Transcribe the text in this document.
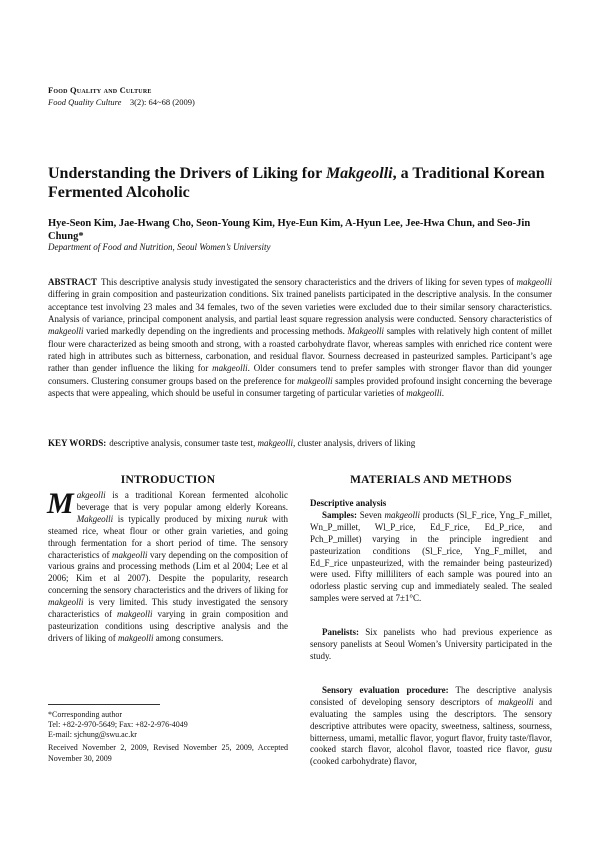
Food Quality and Culture
Food Quality Culture 3(2): 64~68 (2009)
Understanding the Drivers of Liking for Makgeolli, a Traditional Korean Fermented Alcoholic
Hye-Seon Kim, Jae-Hwang Cho, Seon-Young Kim, Hye-Eun Kim, A-Hyun Lee, Jee-Hwa Chun, and Seo-Jin Chung*
Department of Food and Nutrition, Seoul Women’s University
ABSTRACT This descriptive analysis study investigated the sensory characteristics and the drivers of liking for seven types of makgeolli differing in grain composition and pasteurization conditions. Six trained panelists participated in the descriptive analysis. In the consumer acceptance test involving 23 males and 34 females, two of the seven varieties were excluded due to their similar sensory characteristics. Analysis of variance, principal component analysis, and partial least square regression analysis were conducted. Sensory characteristics of makgeolli varied markedly depending on the ingredients and processing methods. Makgeolli samples with relatively high content of millet flour were characterized as being smooth and strong, with a roasted carbohydrate flavor, whereas samples with enriched rice content were rated high in attributes such as bitterness, carbonation, and residual flavor. Sourness decreased in pasteurized samples. Participant’s age rather than gender influence the liking for makgeolli. Older consumers tend to prefer samples with stronger flavor than did younger consumers. Clustering consumer groups based on the preference for makgeolli samples provided profound insight concerning the beverage aspects that were appealing, which should be useful in consumer targeting of particular varieties of makgeolli.
KEY WORDS: descriptive analysis, consumer taste test, makgeolli, cluster analysis, drivers of liking
INTRODUCTION	MATERIALS AND METHODS
Makgeolli is a traditional Korean fermented alcoholic beverage that is very popular among elderly Koreans. Makgeolli is typically produced by mixing nuruk with steamed rice, wheat flour or other grain varieties, and going through fermentation for a short period of time. The sensory characteristics of makgeolli vary depending on the composition of various grains and processing methods (Lim et al 2004; Lee et al 2006; Kim et al 2007). Despite the popularity, research concerning the sensory characteristics and the drivers of liking for makgeolli is very limited. This study investigated the sensory characteristics of makgeolli varying in grain composition and pasteurization conditions using descriptive analysis and the drivers of liking of makgeolli among consumers.
*Corresponding author
Tel: +82-2-970-5649; Fax: +82-2-976-4049
E-mail: sjchung@swu.ac.kr
Received November 2, 2009, Revised November 25, 2009, Accepted November 30, 2009
Descriptive analysis
Samples: Seven makgeolli products (Sl_F_rice, Yng_F_millet, Wn_P_millet, Wl_P_rice, Ed_F_rice, Ed_P_rice, and Pch_P_millet) varying in the principle ingredient and pasteurization conditions (Sl_F_rice, Yng_F_millet, and Ed_F_rice unpasteurized, with the remainder being pasteurized) were used. Fifty milliliters of each sample was poured into an odorless plastic serving cup and immediately sealed. The sealed samples were served at 7±1°C.
Panelists: Six panelists who had previous experience as sensory panelists at Seoul Women’s University participated in the study.
Sensory evaluation procedure: The descriptive analysis consisted of developing sensory descriptors of makgeolli and evaluating the samples using the descriptors. The sensory descriptive attributes were opacity, sweetness, saltiness, sourness, bitterness, umami, metallic flavor, yogurt flavor, fruity taste/flavor, cooked starch flavor, alcohol flavor, toasted rice flavor, gusu (cooked carbohydrate) flavor,
